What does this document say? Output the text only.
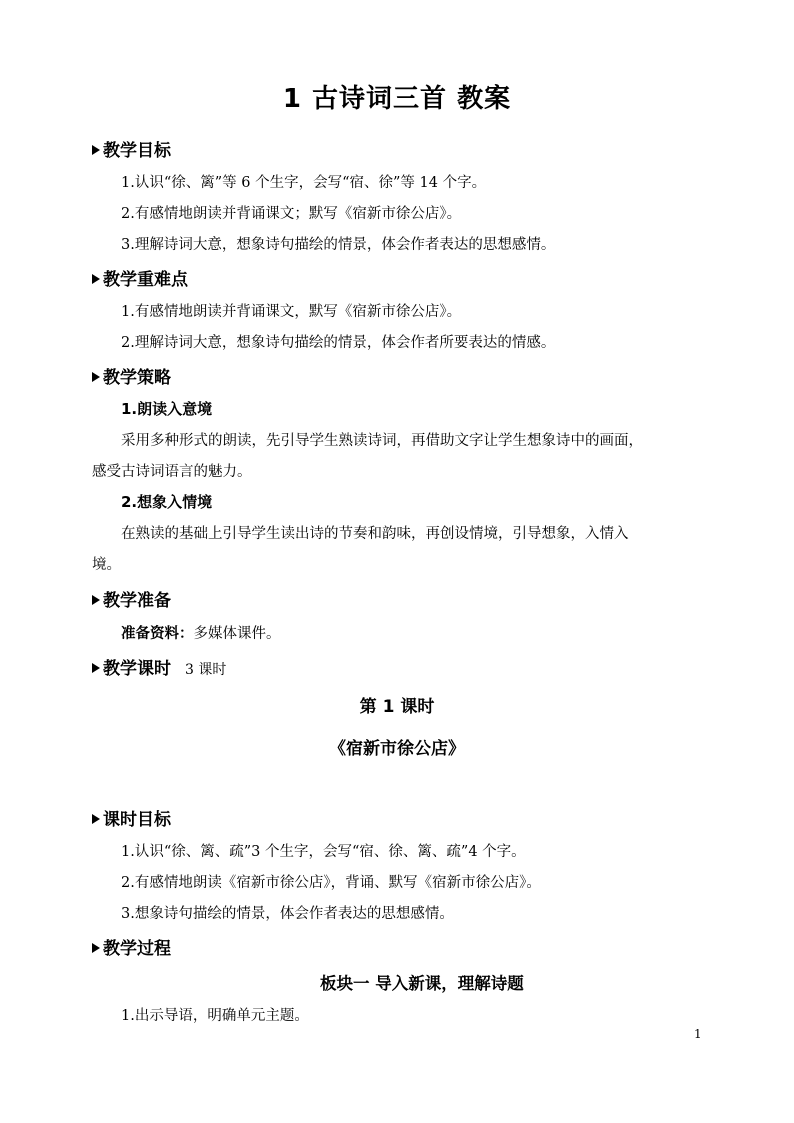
1 古诗词三首 教案
教学目标
1.认识“徐、篱”等 6 个生字，会写“宿、徐”等 14 个字。
2.有感情地朗读并背诵课文；默写《宿新市徐公店》。
3.理解诗词大意，想象诗句描绘的情景，体会作者表达的思想感情。
教学重难点
1.有感情地朗读并背诵课文，默写《宿新市徐公店》。
2.理解诗词大意，想象诗句描绘的情景，体会作者所要表达的情感。
教学策略
1.朗读入意境
采用多种形式的朗读，先引导学生熟读诗词，再借助文字让学生想象诗中的画面，
感受古诗词语言的魅力。
2.想象入情境
在熟读的基础上引导学生读出诗的节奏和韵味，再创设情境，引导想象，入情入
境。
教学准备
准备资料：多媒体课件。
教学课时 3 课时
第 1 课时
《宿新市徐公店》
课时目标
1.认识“徐、篱、疏”3 个生字，会写“宿、徐、篱、疏”4 个字。
2.有感情地朗读《宿新市徐公店》，背诵、默写《宿新市徐公店》。
3.想象诗句描绘的情景，体会作者表达的思想感情。
教学过程
板块一 导入新课，理解诗题
1.出示导语，明确单元主题。
1
